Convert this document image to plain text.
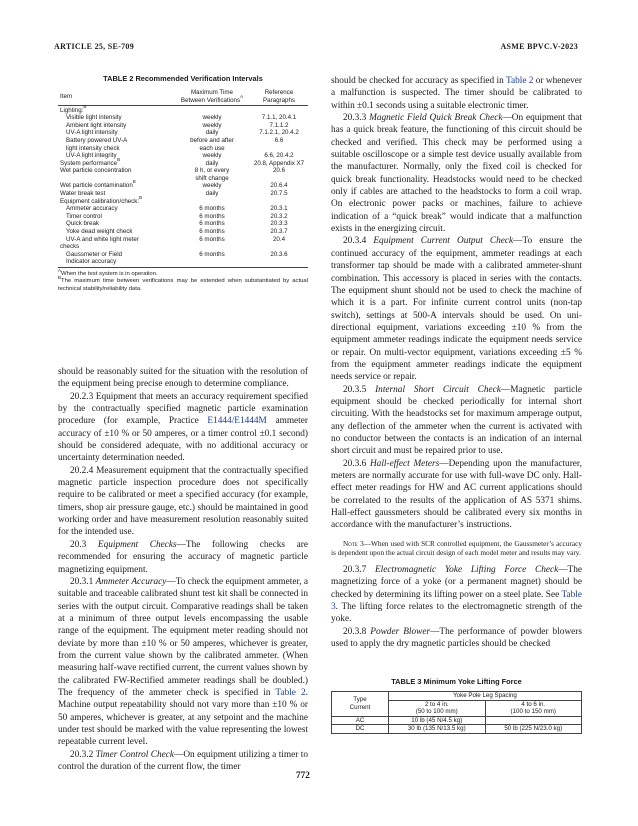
ARTICLE 25, SE-709	ASME BPVC.V-2023
TABLE 2 Recommended Verification Intervals
Item	Maximum Time
Between Verifications$^A$	Reference
Paragraphs
Lighting:$^B$		
Visible light intensity	weekly	7.1.1, 20.4.1
Ambient light intensity	weekly	7.1.1.2
UV-A light intensity	daily	7.1.2.1, 20.4.2
Battery powered UV-A	before and after	6.6
light intensity check	each use	
UV-A light integrity	weekly	6.6, 20.4.2
System performance$^B$	daily	20.8, Appendix X7
Wet particle concentration	8 h, or every	20.6
	shift change	
Wet particle contamination$^B$	weekly	20.6.4
Water break test	daily	20.7.5
Equipment calibration/check:$^B$		
Ammeter accuracy	6 months	20.3.1
Timer control	6 months	20.3.2
Quick break	6 months	20.3.3
Yoke dead weight check	6 months	20.3.7
UV-A and white light meter	6 months	20.4
checks		
Gaussmeter or Field	6 months	20.3.6
Indicator accuracy		
$^A$When the test system is in operation.
$^B$The maximum time between verifications may be extended when substantiated by actual technical stability/reliability data.

should be reasonably suited for the situation with the resolution of the equipment being precise enough to determine compliance.

20.2.3 Equipment that meets an accuracy requirement specified by the contractually specified magnetic particle examination procedure (for example, Practice E1444/E1444M ammeter accuracy of ±10 % or 50 amperes, or a timer control ±0.1 second) should be considered adequate, with no additional accuracy or uncertainty determination needed.

20.2.4 Measurement equipment that the contractually specified magnetic particle inspection procedure does not specifically require to be calibrated or meet a specified accuracy (for example, timers, shop air pressure gauge, etc.) should be maintained in good working order and have measurement resolution reasonably suited for the intended use.

20.3 Equipment Checks—The following checks are recommended for ensuring the accuracy of magnetic particle magnetizing equipment.

20.3.1 Ammeter Accuracy—To check the equipment ammeter, a suitable and traceable calibrated shunt test kit shall be connected in series with the output circuit. Comparative readings shall be taken at a minimum of three output levels encompassing the usable range of the equipment. The equipment meter reading should not deviate by more than ±10 % or 50 amperes, whichever is greater, from the current value shown by the calibrated ammeter. (When measuring half-wave rectified current, the current values shown by the calibrated FW-Rectified ammeter readings shall be doubled.) The frequency of the ammeter check is specified in Table 2. Machine output repeatability should not vary more than ±10 % or 50 amperes, whichever is greater, at any setpoint and the machine under test should be marked with the value representing the lowest repeatable current level.

20.3.2 Timer Control Check—On equipment utilizing a timer to control the duration of the current flow, the timer

should be checked for accuracy as specified in Table 2 or whenever a malfunction is suspected. The timer should be calibrated to within ±0.1 seconds using a suitable electronic timer.

20.3.3 Magnetic Field Quick Break Check—On equipment that has a quick break feature, the functioning of this circuit should be checked and verified. This check may be performed using a suitable oscilloscope or a simple test device usually available from the manufacturer. Normally, only the fixed coil is checked for quick break functionality. Headstocks would need to be checked only if cables are attached to the headstocks to form a coil wrap. On electronic power packs or machines, failure to achieve indication of a “quick break” would indicate that a malfunction exists in the energizing circuit.

20.3.4 Equipment Current Output Check—To ensure the continued accuracy of the equipment, ammeter readings at each transformer tap should be made with a calibrated ammeter-shunt combination. This accessory is placed in series with the contacts. The equipment shunt should not be used to check the machine of which it is a part. For infinite current control units (non-tap switch), settings at 500-A intervals should be used. On uni-directional equipment, variations exceeding ±10 % from the equipment ammeter readings indicate the equipment needs service or repair. On multi-vector equipment, variations exceeding ±5 % from the equipment ammeter readings indicate the equipment needs service or repair.

20.3.5 Internal Short Circuit Check—Magnetic particle equipment should be checked periodically for internal short circuiting. With the headstocks set for maximum amperage output, any deflection of the ammeter when the current is activated with no conductor between the contacts is an indication of an internal short circuit and must be repaired prior to use.

20.3.6 Hall-effect Meters—Depending upon the manufacturer, meters are normally accurate for use with full-wave DC only. Hall-effect meter readings for HW and AC current applications should be correlated to the results of the application of AS 5371 shims. Hall-effect gaussmeters should be calibrated every six months in accordance with the manufacturer’s instructions.

Note 3—When used with SCR controlled equipment, the Gaussmeter’s accuracy is dependent upon the actual circuit design of each model meter and results may vary.

20.3.7 Electromagnetic Yoke Lifting Force Check—The magnetizing force of a yoke (or a permanent magnet) should be checked by determining its lifting power on a steel plate. See Table 3. The lifting force relates to the electromagnetic strength of the yoke.

20.3.8 Powder Blower—The performance of powder blowers used to apply the dry magnetic particles should be checked

TABLE 3 Minimum Yoke Lifting Force
Type
Current	Yoke Pole Leg Spacing	
	2 to 4 in.
(50 to 100 mm)	4 to 6 in.
(100 to 150 mm)
AC	10 lb (45 N/4.5 kg)	
DC	30 lb (135 N/13.5 kg)	50 lb (225 N/23.0 kg)
772
